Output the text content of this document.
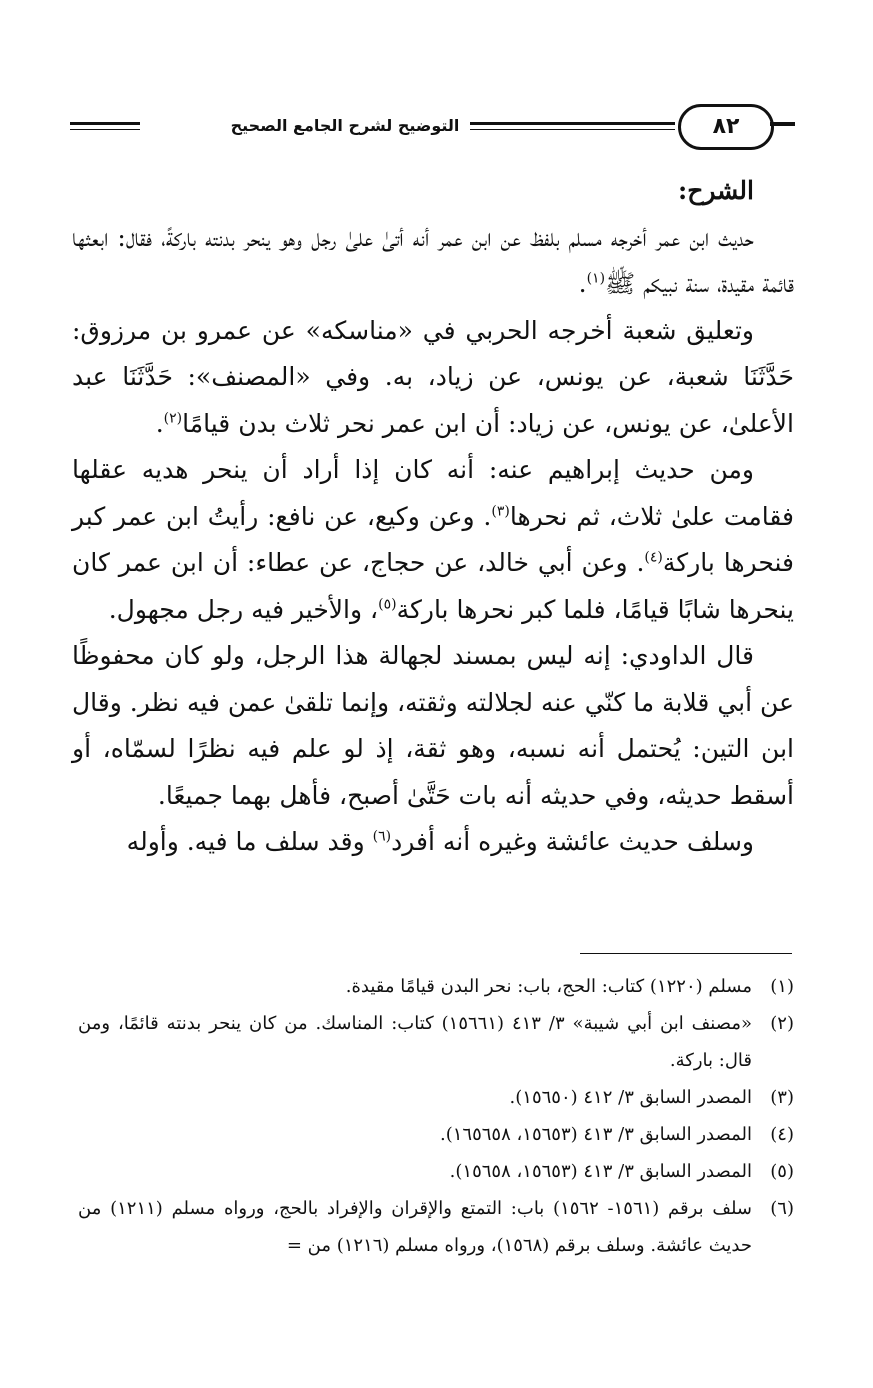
التوضيح لشرح الجامع الصحيح	٨٢

الشرح:

حديث ابن عمر أخرجه مسلم بلفظ عن ابن عمر أنه أتىٰ علىٰ رجل وهو ينحر بدنته باركةً، فقال: ابعثها قائمة مقيدة، سنة نبيكم ﷺ$^{(١)}$.

وتعليق شعبة أخرجه الحربي في «مناسكه» عن عمرو بن مرزوق: حَدَّثَنَا شعبة، عن يونس، عن زياد، به. وفي «المصنف»: حَدَّثَنَا عبد الأعلىٰ، عن يونس، عن زياد: أن ابن عمر نحر ثلاث بدن قيامًا$^{(٢)}$.

ومن حديث إبراهيم عنه: أنه كان إذا أراد أن ينحر هديه عقلها فقامت علىٰ ثلاث، ثم نحرها$^{(٣)}$. وعن وكيع، عن نافع: رأيتُ ابن عمر كبر فنحرها باركة$^{(٤)}$. وعن أبي خالد، عن حجاج، عن عطاء: أن ابن عمر كان ينحرها شابًا قيامًا، فلما كبر نحرها باركة$^{(٥)}$، والأخير فيه رجل مجهول.

قال الداودي: إنه ليس بمسند لجهالة هذا الرجل، ولو كان محفوظًا عن أبي قلابة ما كنّي عنه لجلالته وثقته، وإنما تلقىٰ عمن فيه نظر. وقال ابن التين: يُحتمل أنه نسبه، وهو ثقة، إذ لو علم فيه نظرًا لسمّاه، أو أسقط حديثه، وفي حديثه أنه بات حَتَّىٰ أصبح، فأهل بهما جميعًا.

وسلف حديث عائشة وغيره أنه أفرد$^{(٦)}$ وقد سلف ما فيه. وأوله

(١)
مسلم (١٢٢٠) كتاب: الحج، باب: نحر البدن قيامًا مقيدة.
(٢)
«مصنف ابن أبي شيبة» ٣/ ٤١٣ (١٥٦٦١) كتاب: المناسك. من كان ينحر بدنته قائمًا، ومن قال: باركة.
(٣)
المصدر السابق ٣/ ٤١٢ (١٥٦٥٠).
(٤)
المصدر السابق ٣/ ٤١٣ (١٥٦٥٣، ١٦٥٦٥٨).
(٥)
المصدر السابق ٣/ ٤١٣ (١٥٦٥٣، ١٥٦٥٨).
(٦)
سلف برقم (١٥٦١- ١٥٦٢) باب: التمتع والإقران والإفراد بالحج، ورواه مسلم (١٢١١) من حديث عائشة. وسلف برقم (١٥٦٨)، ورواه مسلم (١٢١٦) من =
